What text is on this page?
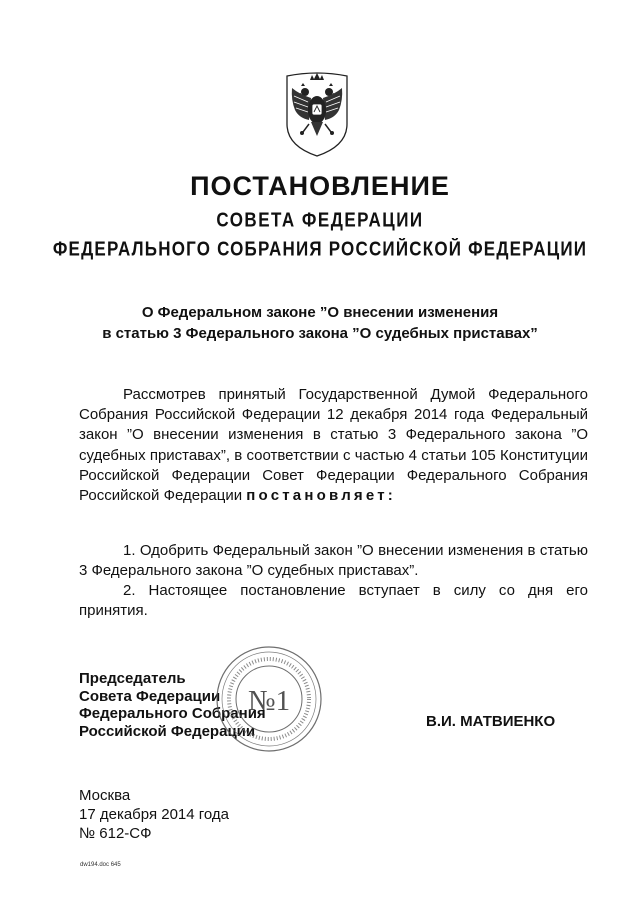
ПОСТАНОВЛЕНИЕ
СОВЕТА ФЕДЕРАЦИИ
ФЕДЕРАЛЬНОГО СОБРАНИЯ РОССИЙСКОЙ ФЕДЕРАЦИИ
О Федеральном законе ”О внесении изменения
в статью 3 Федерального закона ”О судебных приставах”
Рассмотрев принятый Государственной Думой Федерального Собрания Российской Федерации 12 декабря 2014 года Федеральный закон ”О внесении изменения в статью 3 Федерального закона ”О судебных приставах”, в соответствии с частью 4 статьи 105 Конституции Российской Федерации Совет Федерации Федерального Собрания Российской Федерации постановляет:
1. Одобрить Федеральный закон ”О внесении изменения в статью 3 Федерального закона ”О судебных приставах”.
2. Настоящее постановление вступает в силу со дня его принятия.
Председатель
Совета Федерации
Федерального Собрания
Российской Федерации
№1
В.И. МАТВИЕНКО
Москва
17 декабря 2014 года
№ 612-СФ
dw194.doc 645
